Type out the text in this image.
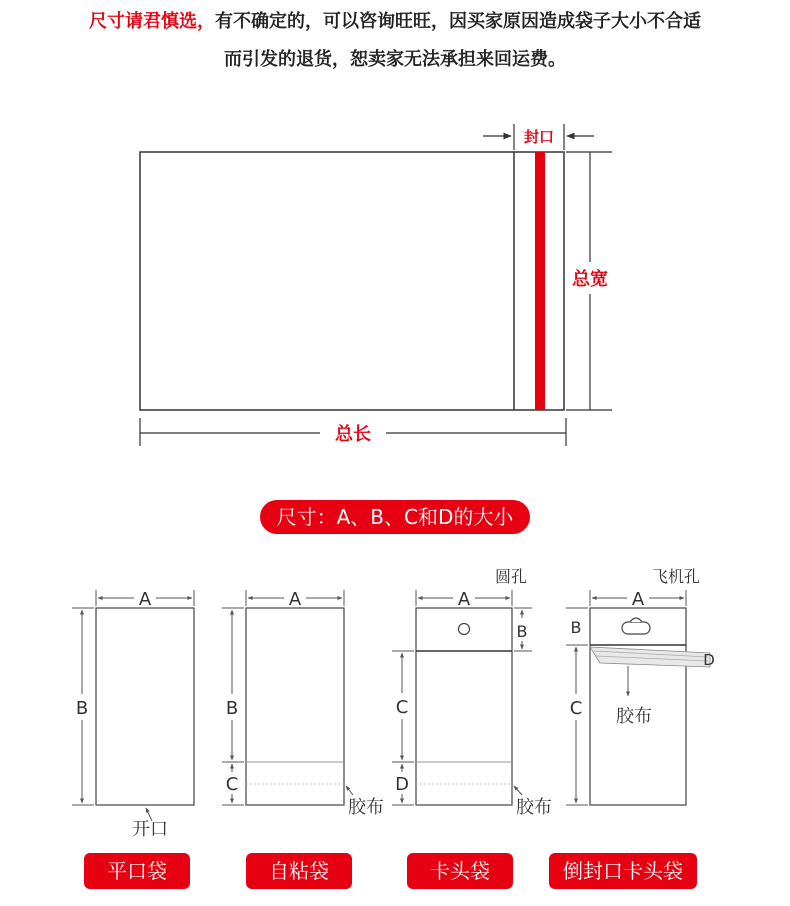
尺寸请君慎选，有不确定的，可以咨询旺旺，因买家原因造成袋子大小不合适
而引发的退货，恕卖家无法承担来回运费。
封口
总宽
总长
A
B
开口
A
B
C
胶布
圆孔
A
B
C
D
胶布
飞机孔
A
B
C
D
胶布
尺寸：A、B、C和D的大小
平口袋	自粘袋	卡头袋	倒封口卡头袋
